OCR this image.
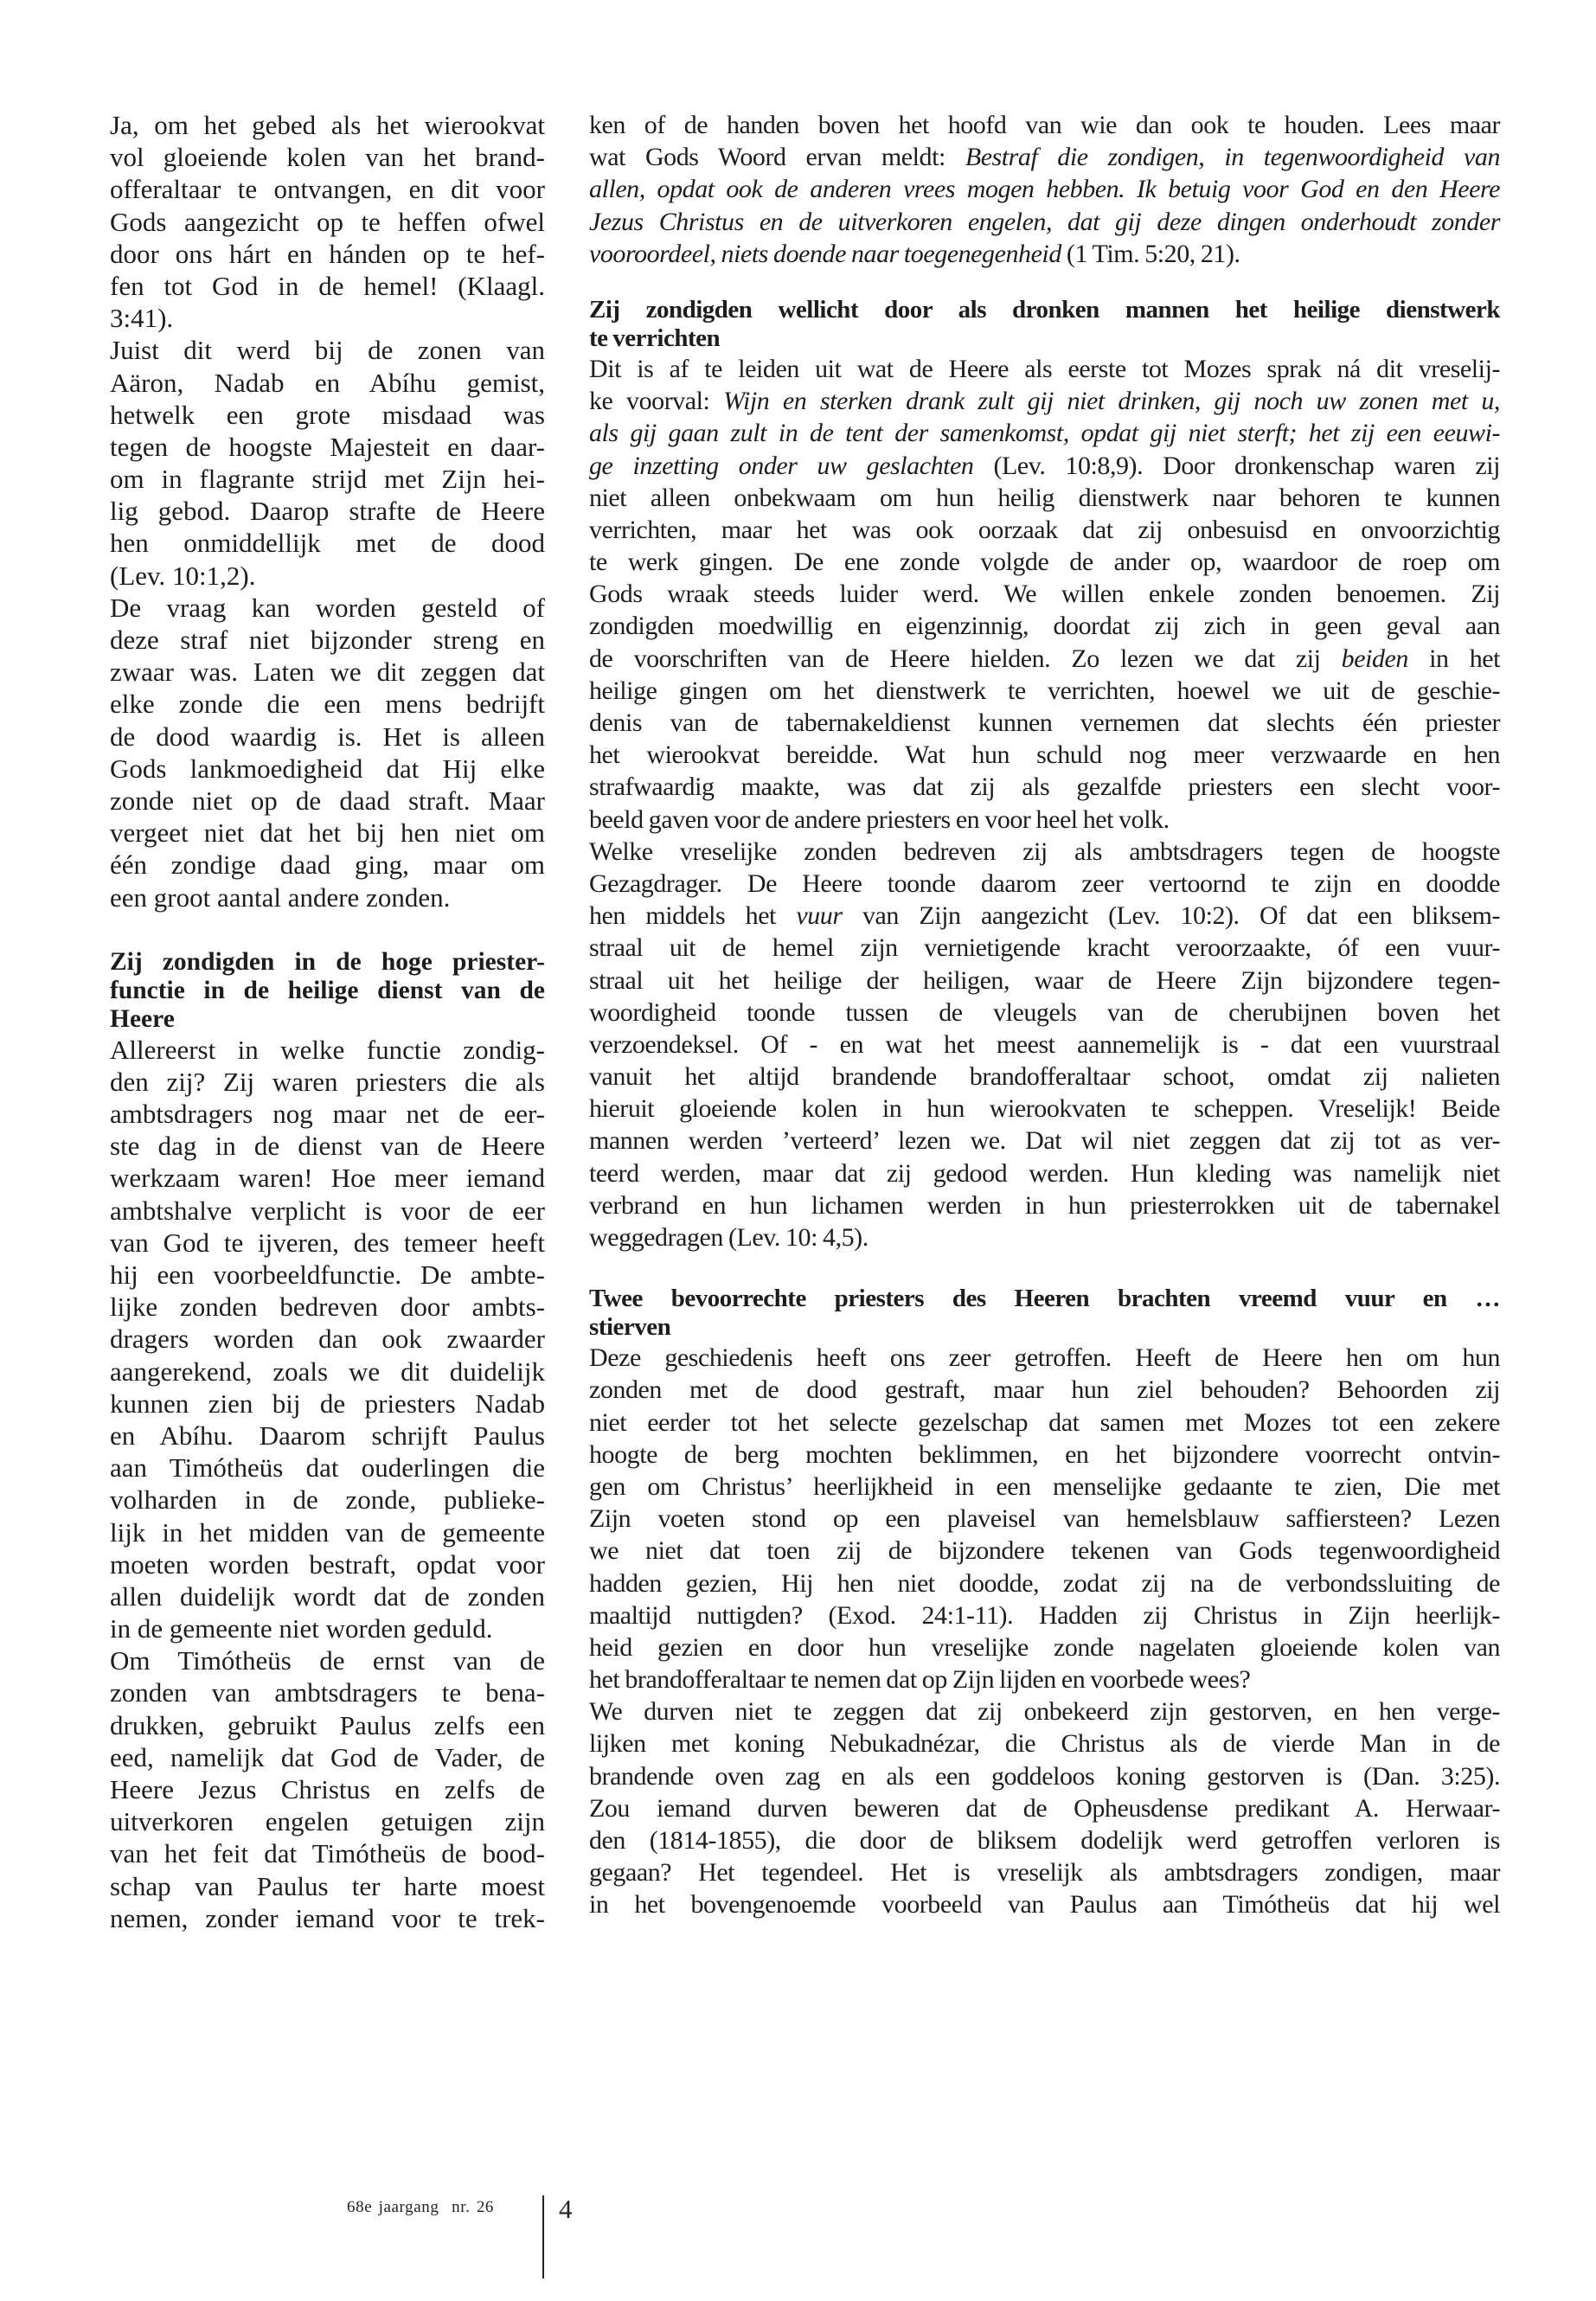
Ja, om het gebed als het wierookvat
vol gloeiende kolen van het brand-
offeraltaar te ontvangen, en dit voor
Gods aangezicht op te heffen ofwel
door ons hárt en hánden op te hef-
fen tot God in de hemel! (Klaagl.
3:41).
Juist dit werd bij de zonen van
Aäron, Nadab en Abíhu gemist,
hetwelk een grote misdaad was
tegen de hoogste Majesteit en daar-
om in flagrante strijd met Zijn hei-
lig gebod. Daarop strafte de Heere
hen onmiddellijk met de dood
(Lev. 10:1,2).
De vraag kan worden gesteld of
deze straf niet bijzonder streng en
zwaar was. Laten we dit zeggen dat
elke zonde die een mens bedrijft
de dood waardig is. Het is alleen
Gods lankmoedigheid dat Hij elke
zonde niet op de daad straft. Maar
vergeet niet dat het bij hen niet om
één zondige daad ging, maar om
een groot aantal andere zonden.
Zij zondigden in de hoge priester-
functie in de heilige dienst van de
Heere
Allereerst in welke functie zondig-
den zij? Zij waren priesters die als
ambtsdragers nog maar net de eer-
ste dag in de dienst van de Heere
werkzaam waren! Hoe meer iemand
ambtshalve verplicht is voor de eer
van God te ijveren, des temeer heeft
hij een voorbeeldfunctie. De ambte-
lijke zonden bedreven door ambts-
dragers worden dan ook zwaarder
aangerekend, zoals we dit duidelijk
kunnen zien bij de priesters Nadab
en Abíhu. Daarom schrijft Paulus
aan Timótheüs dat ouderlingen die
volharden in de zonde, publieke-
lijk in het midden van de gemeente
moeten worden bestraft, opdat voor
allen duidelijk wordt dat de zonden
in de gemeente niet worden geduld.
Om Timótheüs de ernst van de
zonden van ambtsdragers te bena-
drukken, gebruikt Paulus zelfs een
eed, namelijk dat God de Vader, de
Heere Jezus Christus en zelfs de
uitverkoren engelen getuigen zijn
van het feit dat Timótheüs de bood-
schap van Paulus ter harte moest
nemen, zonder iemand voor te trek-
ken of de handen boven het hoofd van wie dan ook te houden. Lees maar
wat Gods Woord ervan meldt: Bestraf die zondigen, in tegenwoordigheid van
allen, opdat ook de anderen vrees mogen hebben. Ik betuig voor God en den Heere
Jezus Christus en de uitverkoren engelen, dat gij deze dingen onderhoudt zonder
vooroordeel, niets doende naar toegenegenheid (1 Tim. 5:20, 21).
Zij zondigden wellicht door als dronken mannen het heilige dienstwerk
te verrichten
Dit is af te leiden uit wat de Heere als eerste tot Mozes sprak ná dit vreselij-
ke voorval: Wijn en sterken drank zult gij niet drinken, gij noch uw zonen met u,
als gij gaan zult in de tent der samenkomst, opdat gij niet sterft; het zij een eeuwi-
ge inzetting onder uw geslachten (Lev. 10:8,9). Door dronkenschap waren zij
niet alleen onbekwaam om hun heilig dienstwerk naar behoren te kunnen
verrichten, maar het was ook oorzaak dat zij onbesuisd en onvoorzichtig
te werk gingen. De ene zonde volgde de ander op, waardoor de roep om
Gods wraak steeds luider werd. We willen enkele zonden benoemen. Zij
zondigden moedwillig en eigenzinnig, doordat zij zich in geen geval aan
de voorschriften van de Heere hielden. Zo lezen we dat zij beiden in het
heilige gingen om het dienstwerk te verrichten, hoewel we uit de geschie-
denis van de tabernakeldienst kunnen vernemen dat slechts één priester
het wierookvat bereidde. Wat hun schuld nog meer verzwaarde en hen
strafwaardig maakte, was dat zij als gezalfde priesters een slecht voor-
beeld gaven voor de andere priesters en voor heel het volk.
Welke vreselijke zonden bedreven zij als ambtsdragers tegen de hoogste
Gezagdrager. De Heere toonde daarom zeer vertoornd te zijn en doodde
hen middels het vuur van Zijn aangezicht (Lev. 10:2). Of dat een bliksem-
straal uit de hemel zijn vernietigende kracht veroorzaakte, óf een vuur-
straal uit het heilige der heiligen, waar de Heere Zijn bijzondere tegen-
woordigheid toonde tussen de vleugels van de cherubijnen boven het
verzoendeksel. Of - en wat het meest aannemelijk is - dat een vuurstraal
vanuit het altijd brandende brandofferaltaar schoot, omdat zij nalieten
hieruit gloeiende kolen in hun wierookvaten te scheppen. Vreselijk! Beide
mannen werden ’verteerd’ lezen we. Dat wil niet zeggen dat zij tot as ver-
teerd werden, maar dat zij gedood werden. Hun kleding was namelijk niet
verbrand en hun lichamen werden in hun priesterrokken uit de tabernakel
weggedragen (Lev. 10: 4,5).
Twee bevoorrechte priesters des Heeren brachten vreemd vuur en …
stierven
Deze geschiedenis heeft ons zeer getroffen. Heeft de Heere hen om hun
zonden met de dood gestraft, maar hun ziel behouden? Behoorden zij
niet eerder tot het selecte gezelschap dat samen met Mozes tot een zekere
hoogte de berg mochten beklimmen, en het bijzondere voorrecht ontvin-
gen om Christus’ heerlijkheid in een menselijke gedaante te zien, Die met
Zijn voeten stond op een plaveisel van hemelsblauw saffiersteen? Lezen
we niet dat toen zij de bijzondere tekenen van Gods tegenwoordigheid
hadden gezien, Hij hen niet doodde, zodat zij na de verbondssluiting de
maaltijd nuttigden? (Exod. 24:1-11). Hadden zij Christus in Zijn heerlijk-
heid gezien en door hun vreselijke zonde nagelaten gloeiende kolen van
het brandofferaltaar te nemen dat op Zijn lijden en voorbede wees?
We durven niet te zeggen dat zij onbekeerd zijn gestorven, en hen verge-
lijken met koning Nebukadnézar, die Christus als de vierde Man in de
brandende oven zag en als een goddeloos koning gestorven is (Dan. 3:25).
Zou iemand durven beweren dat de Opheusdense predikant A. Herwaar-
den (1814-1855), die door de bliksem dodelijk werd getroffen verloren is
gegaan? Het tegendeel. Het is vreselijk als ambtsdragers zondigen, maar
in het bovengenoemde voorbeeld van Paulus aan Timótheüs dat hij wel
68e jaargang  nr. 26 4
